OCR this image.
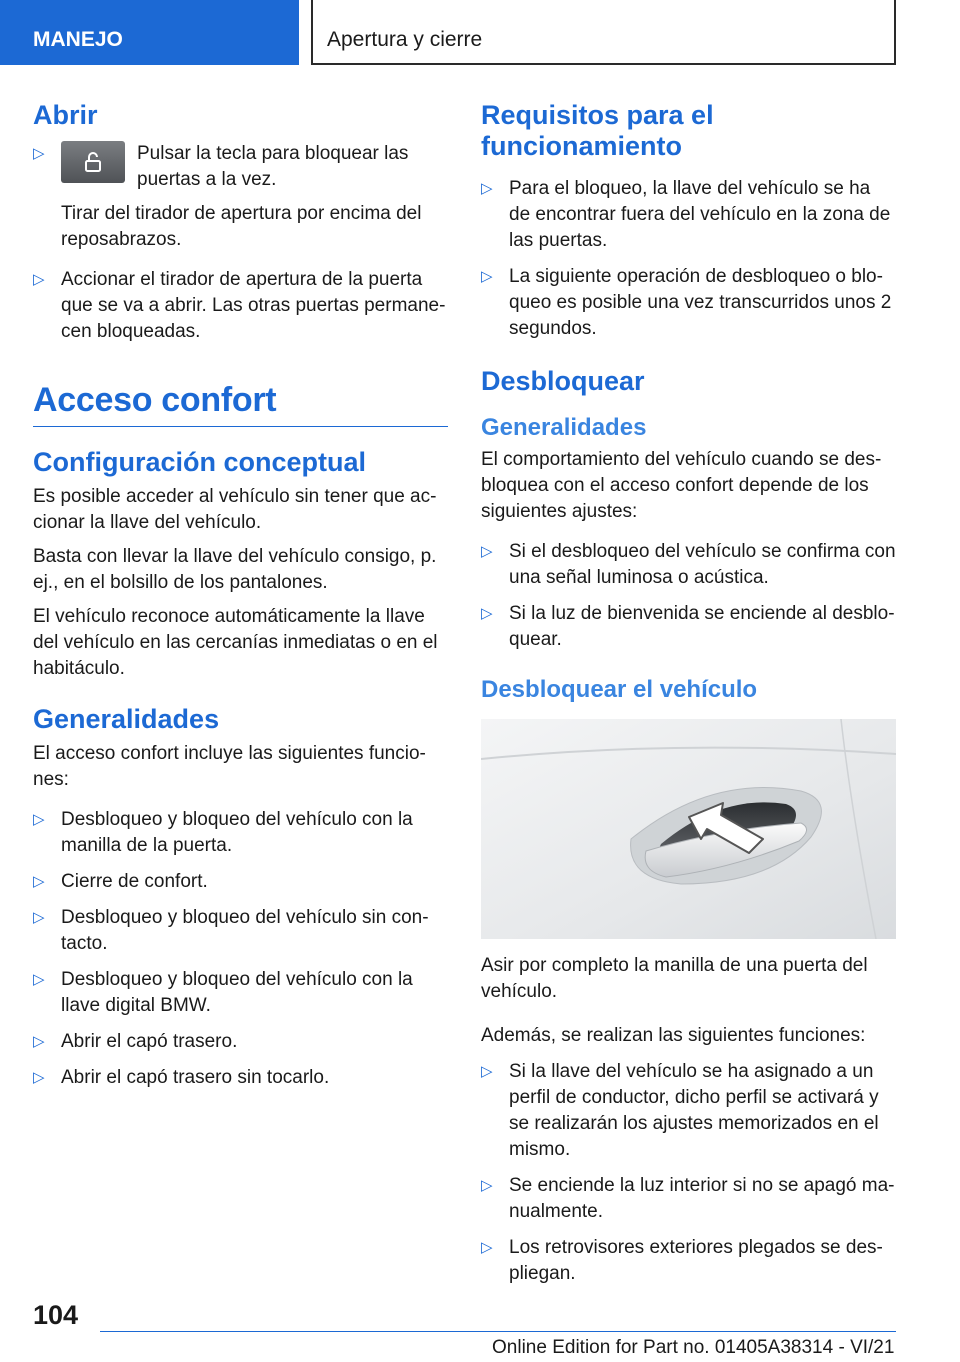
MANEJO	Apertura y cierre
Abrir
▷	Pulsar la tecla para bloquear las puertas a la vez.
Tirar del tirador de apertura por encima del reposabrazos.
▷ Accionar el tirador de apertura de la puerta que se va a abrir. Las otras puertas permane-cen bloqueadas.
Acceso confort
Configuración conceptual
Es posible acceder al vehículo sin tener que ac-cionar la llave del vehículo.
Basta con llevar la llave del vehículo consigo, p. ej., en el bolsillo de los pantalones.
El vehículo reconoce automáticamente la llave del vehículo en las cercanías inmediatas o en el habitáculo.
Generalidades
El acceso confort incluye las siguientes funcio-nes:
▷ Desbloqueo y bloqueo del vehículo con la manilla de la puerta.
▷ Cierre de confort.
▷ Desbloqueo y bloqueo del vehículo sin con-tacto.
▷ Desbloqueo y bloqueo del vehículo con la llave digital BMW.
▷ Abrir el capó trasero.
▷ Abrir el capó trasero sin tocarlo.
Requisitos para el funcionamiento
▷ Para el bloqueo, la llave del vehículo se ha de encontrar fuera del vehículo en la zona de las puertas.
▷ La siguiente operación de desbloqueo o blo-queo es posible una vez transcurridos unos 2 segundos.
Desbloquear
Generalidades
El comportamiento del vehículo cuando se des-bloquea con el acceso confort depende de los siguientes ajustes:
▷ Si el desbloqueo del vehículo se confirma con una señal luminosa o acústica.
▷ Si la luz de bienvenida se enciende al desblo-quear.
Desbloquear el vehículo
Asir por completo la manilla de una puerta del vehículo.
Además, se realizan las siguientes funciones:
▷ Si la llave del vehículo se ha asignado a un perfil de conductor, dicho perfil se activará y se realizarán los ajustes memorizados en el mismo.
▷ Se enciende la luz interior si no se apagó ma-nualmente.
▷ Los retrovisores exteriores plegados se des-pliegan.
104
Online Edition for Part no. 01405A38314 - VI/21
